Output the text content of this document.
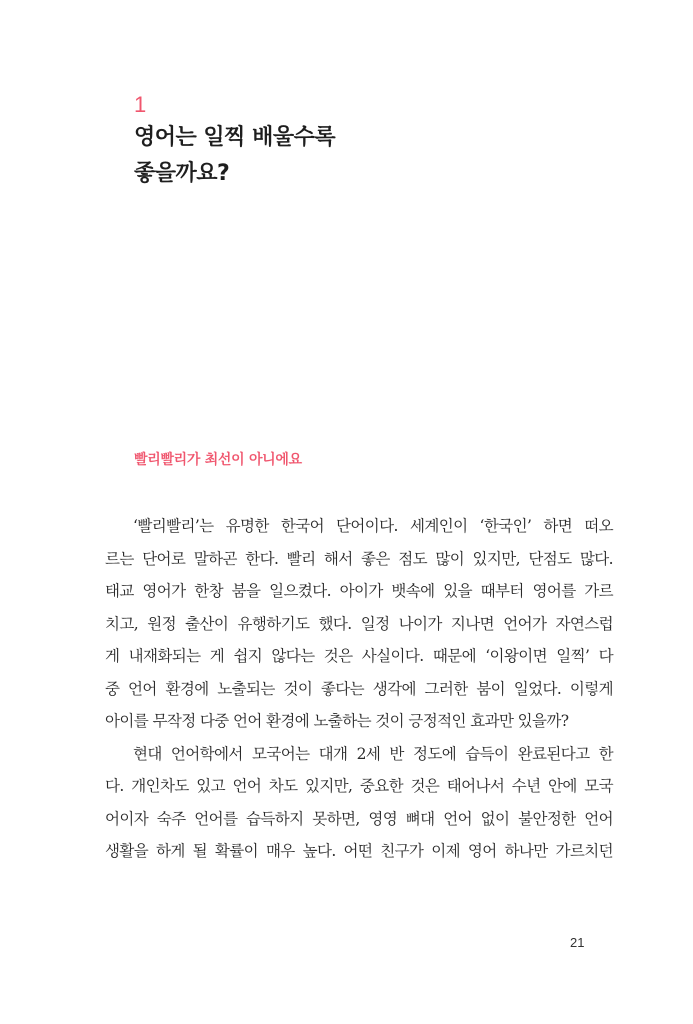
1
영어는 일찍 배울수록
좋을까요?
빨리빨리가 최선이 아니에요
‘빨리빨리’는 유명한 한국어 단어이다. 세계인이 ‘한국인’ 하면 떠오
르는 단어로 말하곤 한다. 빨리 해서 좋은 점도 많이 있지만, 단점도 많다.
태교 영어가 한창 붐을 일으켰다. 아이가 뱃속에 있을 때부터 영어를 가르
치고, 원정 출산이 유행하기도 했다. 일정 나이가 지나면 언어가 자연스럽
게 내재화되는 게 쉽지 않다는 것은 사실이다. 때문에 ‘이왕이면 일찍’ 다
중 언어 환경에 노출되는 것이 좋다는 생각에 그러한 붐이 일었다. 이렇게
아이를 무작정 다중 언어 환경에 노출하는 것이 긍정적인 효과만 있을까?
현대 언어학에서 모국어는 대개 2세 반 정도에 습득이 완료된다고 한
다. 개인차도 있고 언어 차도 있지만, 중요한 것은 태어나서 수년 안에 모국
어이자 숙주 언어를 습득하지 못하면, 영영 뼈대 언어 없이 불안정한 언어
생활을 하게 될 확률이 매우 높다. 어떤 친구가 이제 영어 하나만 가르치던
21
